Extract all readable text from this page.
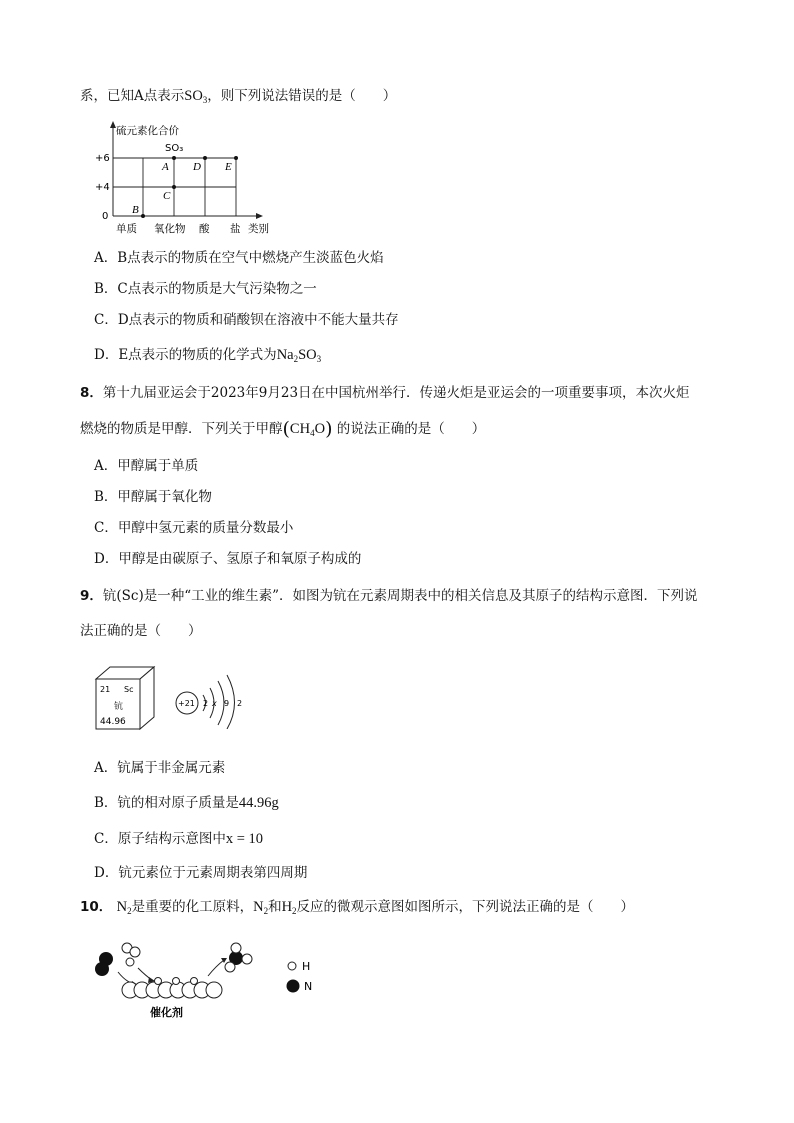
系，已知A点表示$SO_3$，则下列说法错误的是（　　）
硫元素化合价
+6
+4
0
SO₃
A
B
C
D E
单质 氧化物 酸 盐 类别
A．B点表示的物质在空气中燃烧产生淡蓝色火焰
B．C点表示的物质是大气污染物之一
C．D点表示的物质和硝酸钡在溶液中不能大量共存
D．E点表示的物质的化学式为$Na_2SO_3$
8．第十九届亚运会于2023年9月23日在中国杭州举行．传递火炬是亚运会的一项重要事项，本次火炬
燃烧的物质是甲醇．下列关于甲醇$(CH_4O)$ 的说法正确的是（　　）
A．甲醇属于单质
B．甲醇属于氧化物
C．甲醇中氢元素的质量分数最小
D．甲醇是由碳原子、氢原子和氧原子构成的
9．钪(Sc)是一种“工业的维生素”．如图为钪在元素周期表中的相关信息及其原子的结构示意图．下列说
法正确的是（　　）
21 Sc
钪
44.96
+21 2 x 9 2
A．钪属于非金属元素
B．钪的相对原子质量是44.96g
C．原子结构示意图中x = 10
D．钪元素位于元素周期表第四周期
10． $N_2$是重要的化工原料，$N_2$和$H_2$反应的微观示意图如图所示，下列说法正确的是（　　）
催化剂
H
N
